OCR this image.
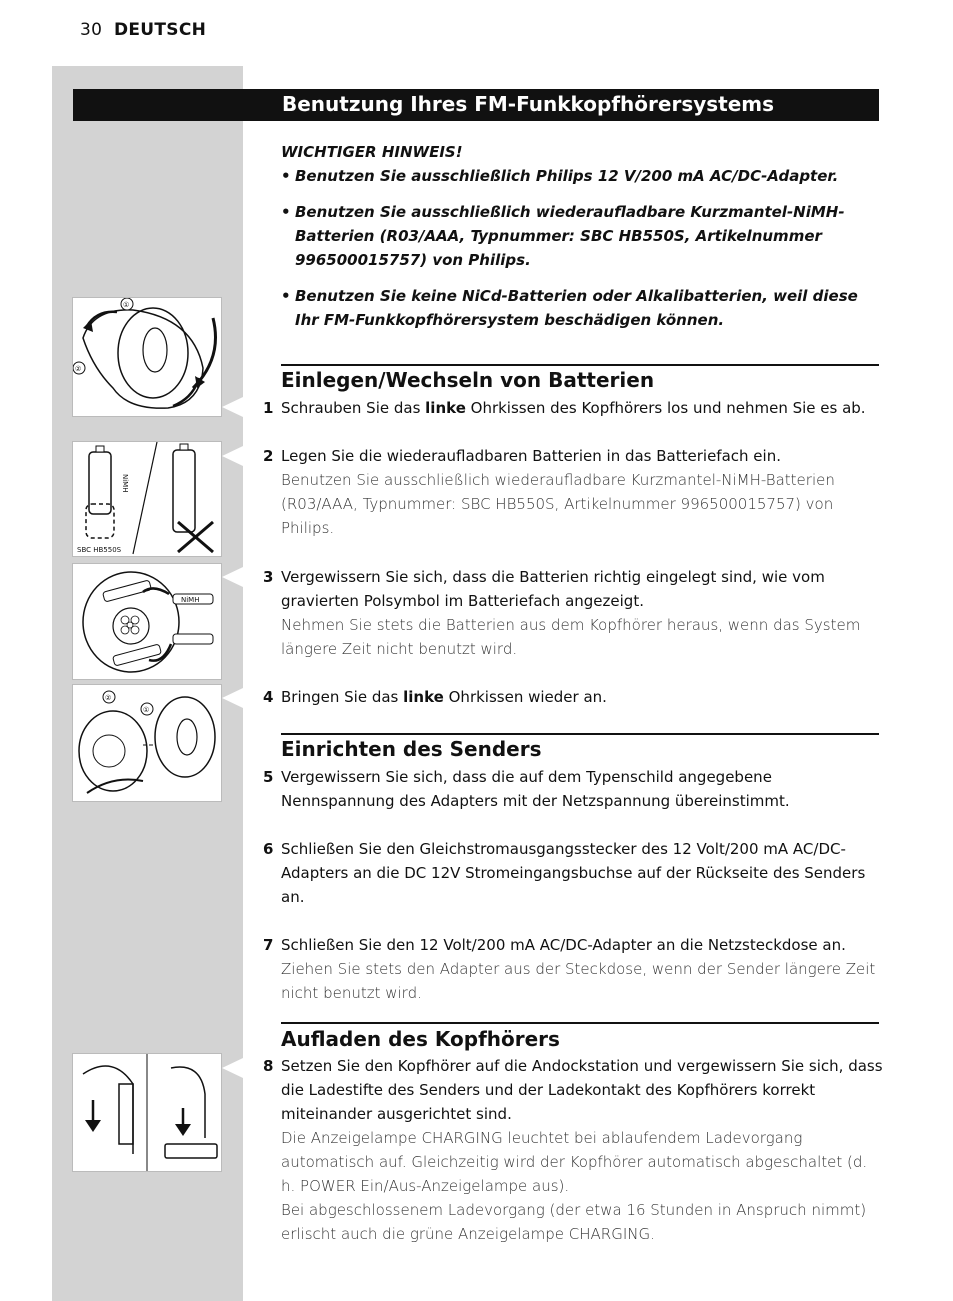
30 DEUTSCH
Benutzung Ihres FM-Funkkopfhörersystems
WICHTIGER HINWEIS!
• Benutzen Sie ausschließlich Philips 12 V/200 mA AC/DC-Adapter.
• Benutzen Sie ausschließlich wiederaufladbare Kurzmantel-NiMH-Batterien (R03/AAA, Typnummer: SBC HB550S, Artikelnummer 996500015757) von Philips.
• Benutzen Sie keine NiCd-Batterien oder Alkalibatterien, weil diese Ihr FM-Funkkopfhörersystem beschädigen können.
Einlegen/Wechseln von Batterien
1 Schrauben Sie das linke Ohrkissen des Kopfhörers los und nehmen Sie es ab.

2 Legen Sie die wiederaufladbaren Batterien in das Batteriefach ein.

Benutzen Sie ausschließlich wiederaufladbare Kurzmantel-NiMH-Batterien (R03/AAA, Typnummer: SBC HB550S, Artikelnummer 996500015757) von Philips.

3 Vergewissern Sie sich, dass die Batterien richtig eingelegt sind, wie vom gravierten Polsymbol im Batteriefach angezeigt.

Nehmen Sie stets die Batterien aus dem Kopfhörer heraus, wenn das System längere Zeit nicht benutzt wird.

4 Bringen Sie das linke Ohrkissen wieder an.

Einrichten des Senders
5 Vergewissern Sie sich, dass die auf dem Typenschild angegebene Nennspannung des Adapters mit der Netzspannung übereinstimmt.

6 Schließen Sie den Gleichstromausgangsstecker des 12 Volt/200 mA AC/DC-Adapters an die DC 12V Stromeingangsbuchse auf der Rückseite des Senders an.

7 Schließen Sie den 12 Volt/200 mA AC/DC-Adapter an die Netzsteckdose an.

Ziehen Sie stets den Adapter aus der Steckdose, wenn der Sender längere Zeit nicht benutzt wird.

Aufladen des Kopfhörers
8 Setzen Sie den Kopfhörer auf die Andockstation und vergewissern Sie sich, dass die Ladestifte des Senders und der Ladekontakt des Kopfhörers korrekt miteinander ausgerichtet sind.

Die Anzeigelampe CHARGING leuchtet bei ablaufendem Ladevorgang automatisch auf. Gleichzeitig wird der Kopfhörer automatisch abgeschaltet (d. h. POWER Ein/Aus-Anzeigelampe aus).

Bei abgeschlossenem Ladevorgang (der etwa 16 Stunden in Anspruch nimmt) erlischt auch die grüne Anzeigelampe CHARGING.

①
②
NiMH
SBC HB550S
NiMH
②
①
